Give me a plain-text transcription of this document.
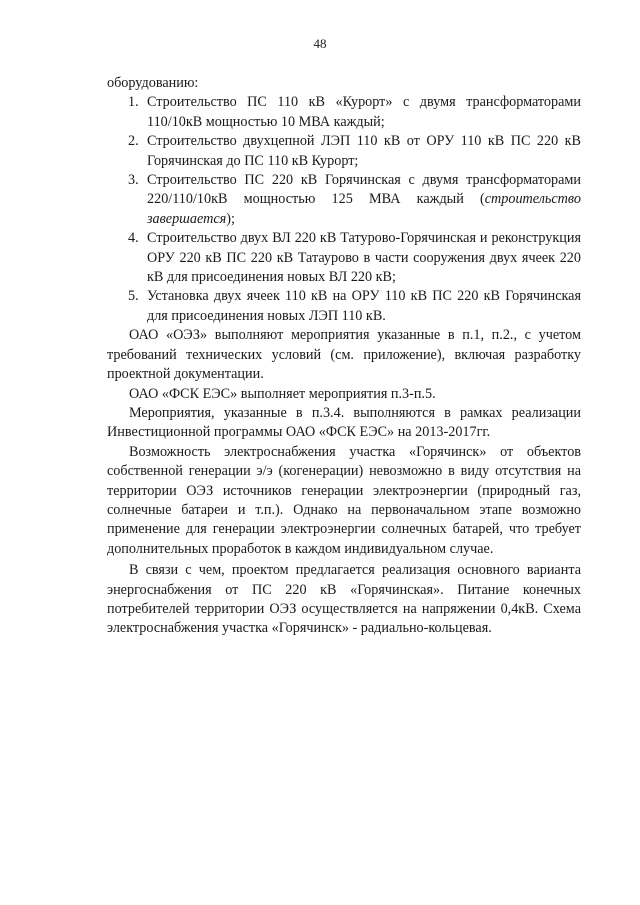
48

оборудованию:

1. Строительство ПС 110 кВ «Курорт» с двумя трансформаторами 110/10кВ мощностью 10 МВА каждый;
2. Строительство двухцепной ЛЭП 110 кВ от ОРУ 110 кВ ПС 220 кВ Горячинская до ПС 110 кВ Курорт;
3. Строительство ПС 220 кВ Горячинская с двумя трансформаторами 220/110/10кВ мощностью 125 МВА каждый (строительство завершается);
4. Строительство двух ВЛ 220 кВ Татурово-Горячинская и реконструкция ОРУ 220 кВ ПС 220 кВ Татаурово в части сооружения двух ячеек 220 кВ для присоединения новых ВЛ 220 кВ;
5. Установка двух ячеек 110 кВ на ОРУ 110 кВ ПС 220 кВ Горячинская для присоединения новых ЛЭП 110 кВ.

ОАО «ОЭЗ» выполняют мероприятия указанные в п.1, п.2., с учетом требований технических условий (см. приложение), включая разработку проектной документации.

ОАО «ФСК ЕЭС» выполняет мероприятия п.3-п.5.

Мероприятия, указанные в п.3.4. выполняются в рамках реализации Инвестиционной программы ОАО «ФСК ЕЭС» на 2013-2017гг.

Возможность электроснабжения участка «Горячинск» от объектов собственной генерации э/э (когенерации) невозможно в виду отсутствия на территории ОЭЗ источников генерации электроэнергии (природный газ, солнечные батареи и т.п.). Однако на первоначальном этапе возможно применение для генерации электроэнергии солнечных батарей, что требует дополнительных проработок в каждом индивидуальном случае.

В связи с чем, проектом предлагается реализация основного варианта энергоснабжения от ПС 220 кВ «Горячинская». Питание конечных потребителей территории ОЭЗ осуществляется на напряжении 0,4кВ. Схема электроснабжения участка «Горячинск» - радиально-кольцевая.
